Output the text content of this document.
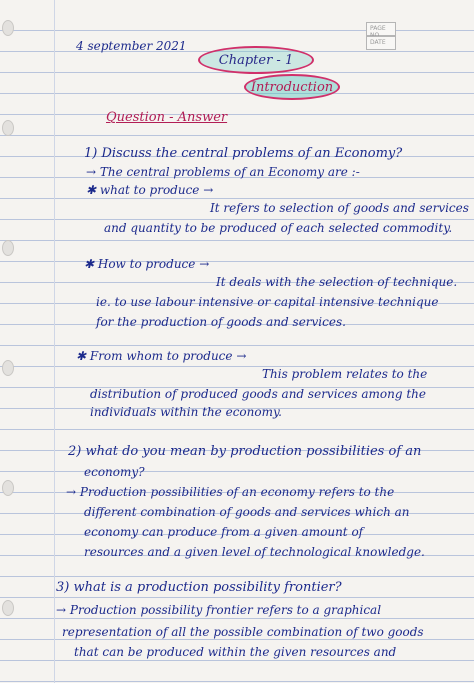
PAGE
DATE
4 september 2021
Chapter - 1
Introduction
Question - Answer
1) Discuss the central problems of an Economy?
→ The central problems of an Economy are :-
✱ what to produce →
It refers to selection of goods and services
and quantity to be produced of each selected commodity.
✱ How to produce →
It deals with the selection of technique.
ie. to use labour intensive or capital intensive technique
for the production of goods and services.
✱ From whom to produce →
This problem relates to the
distribution of produced goods and services among the
individuals within the economy.
2) what do you mean by production possibilities of an
economy?
→ Production possibilities of an economy refers to the
different combination of goods and services which an
economy can produce from a given amount of
resources and a given level of technological knowledge.
3) what is a production possibility frontier?
→ Production possibility frontier refers to a graphical
representation of all the possible combination of two goods
that can be produced within the given resources and
